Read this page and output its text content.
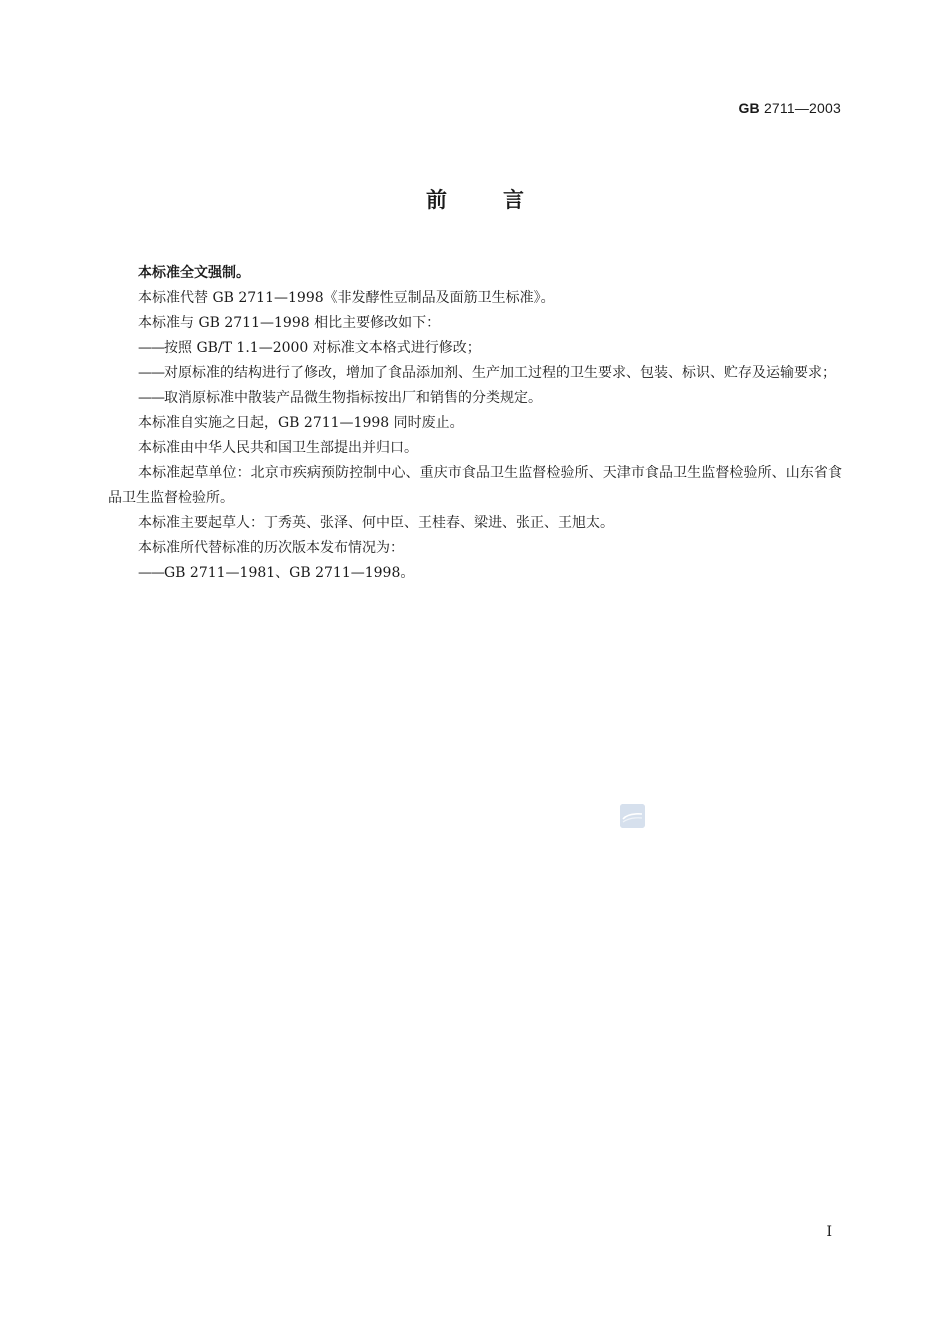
GB 2711—2003
前言

本标准全文强制。

本标准代替 GB 2711—1998《非发酵性豆制品及面筋卫生标准》。

本标准与 GB 2711—1998 相比主要修改如下：

—— 按照 GB/T 1.1—2000 对标准文本格式进行修改；
—— 对原标准的结构进行了修改，增加了食品添加剂、生产加工过程的卫生要求、包装、标识、贮存及运输要求；
—— 取消原标准中散装产品微生物指标按出厂和销售的分类规定。

本标准自实施之日起，GB 2711—1998 同时废止。

本标准由中华人民共和国卫生部提出并归口。

本标准起草单位：北京市疾病预防控制中心、重庆市食品卫生监督检验所、天津市食品卫生监督检验所、山东省食品卫生监督检验所。

本标准主要起草人：丁秀英、张泽、何中臣、王桂春、梁进、张正、王旭太。

本标准所代替标准的历次版本发布情况为：

—— GB 2711—1981、GB 2711—1998。
I
